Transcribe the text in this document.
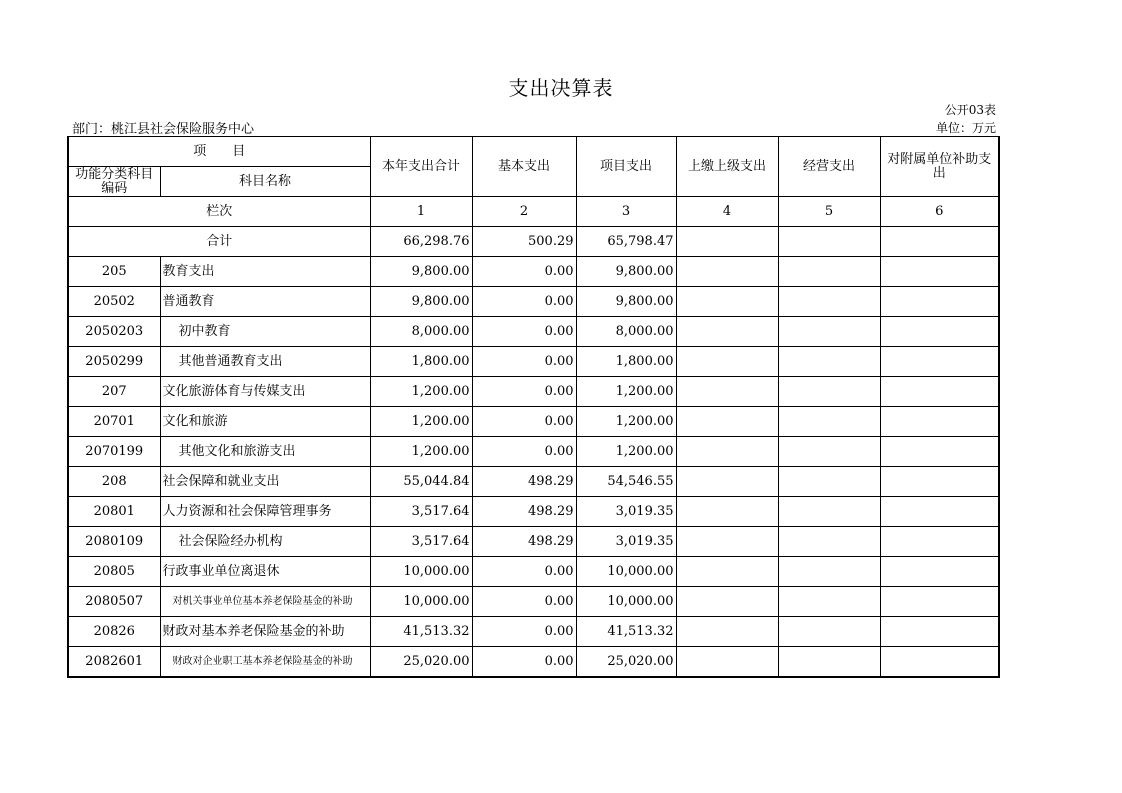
支出决算表
公开03表
部门：桃江县社会保险服务中心	单位：万元
项　　目		本年支出合计	基本支出	项目支出	上缴上级支出	经营支出	对附属单位补助支出
功能分类科目编码	科目名称						
栏次		1	2	3	4	5	6
合计		66,298.76	500.29	65,798.47			
205	教育支出	9,800.00	0.00	9,800.00			
20502	普通教育	9,800.00	0.00	9,800.00			
2050203	初中教育	8,000.00	0.00	8,000.00			
2050299	其他普通教育支出	1,800.00	0.00	1,800.00			
207	文化旅游体育与传媒支出	1,200.00	0.00	1,200.00			
20701	文化和旅游	1,200.00	0.00	1,200.00			
2070199	其他文化和旅游支出	1,200.00	0.00	1,200.00			
208	社会保障和就业支出	55,044.84	498.29	54,546.55			
20801	人力资源和社会保障管理事务	3,517.64	498.29	3,019.35			
2080109	社会保险经办机构	3,517.64	498.29	3,019.35			
20805	行政事业单位离退休	10,000.00	0.00	10,000.00			
2080507	对机关事业单位基本养老保险基金的补助	10,000.00	0.00	10,000.00			
20826	财政对基本养老保险基金的补助	41,513.32	0.00	41,513.32			
2082601	财政对企业职工基本养老保险基金的补助	25,020.00	0.00	25,020.00			
